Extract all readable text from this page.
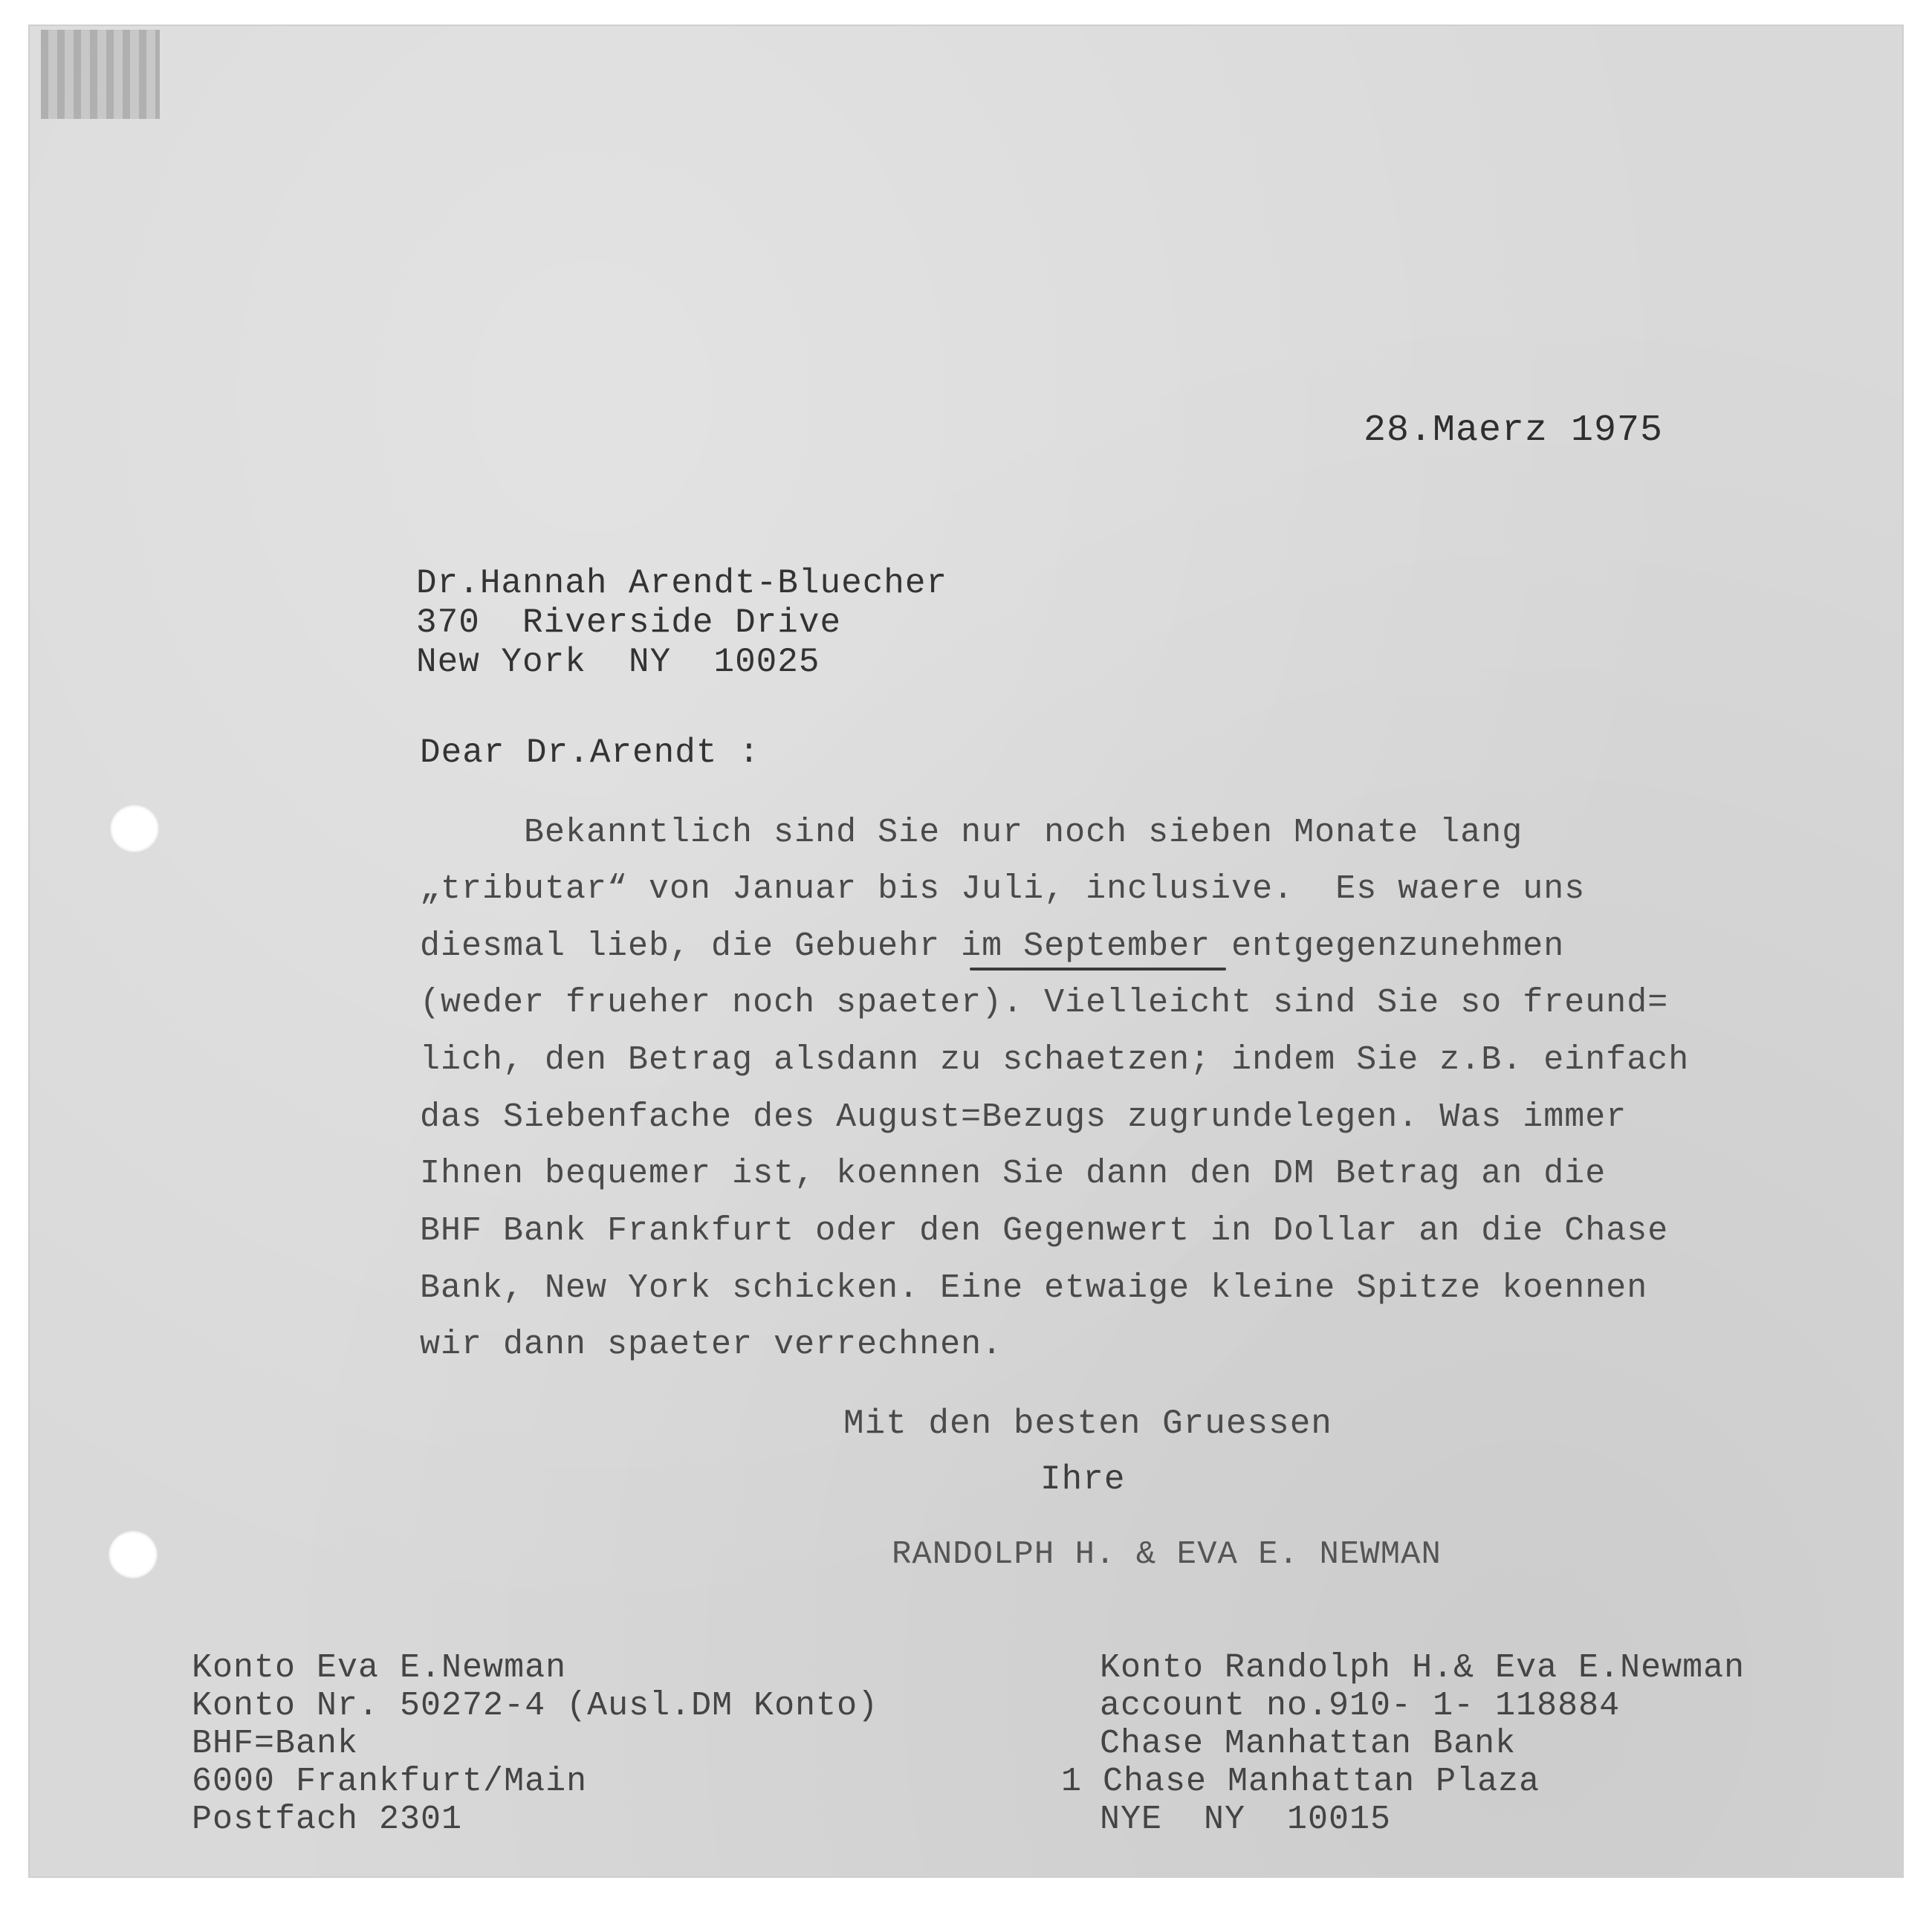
28.Maerz 1975

Dr.Hannah Arendt-Bluecher

370  Riverside Drive

New York  NY  10025

Dear Dr.Arendt :

Bekanntlich sind Sie nur noch sieben Monate lang

„tributar“ von Januar bis Juli, inclusive.  Es waere uns

diesmal lieb, die Gebuehr im September entgegenzunehmen

(weder frueher noch spaeter). Vielleicht sind Sie so freund=

lich, den Betrag alsdann zu schaetzen; indem Sie z.B. einfach

das Siebenfache des August=Bezugs zugrundelegen. Was immer

Ihnen bequemer ist, koennen Sie dann den DM Betrag an die

BHF Bank Frankfurt oder den Gegenwert in Dollar an die Chase

Bank, New York schicken. Eine etwaige kleine Spitze koennen

wir dann spaeter verrechnen.

Mit den besten Gruessen

Ihre

RANDOLPH H. & EVA E. NEWMAN

Konto Eva E.Newman

Konto Nr. 50272-4 (Ausl.DM Konto)

BHF=Bank

6000 Frankfurt/Main

Postfach 2301

Konto Randolph H.& Eva E.Newman

account no.910- 1- 118884

Chase Manhattan Bank

1 Chase Manhattan Plaza

NYE  NY  10015
